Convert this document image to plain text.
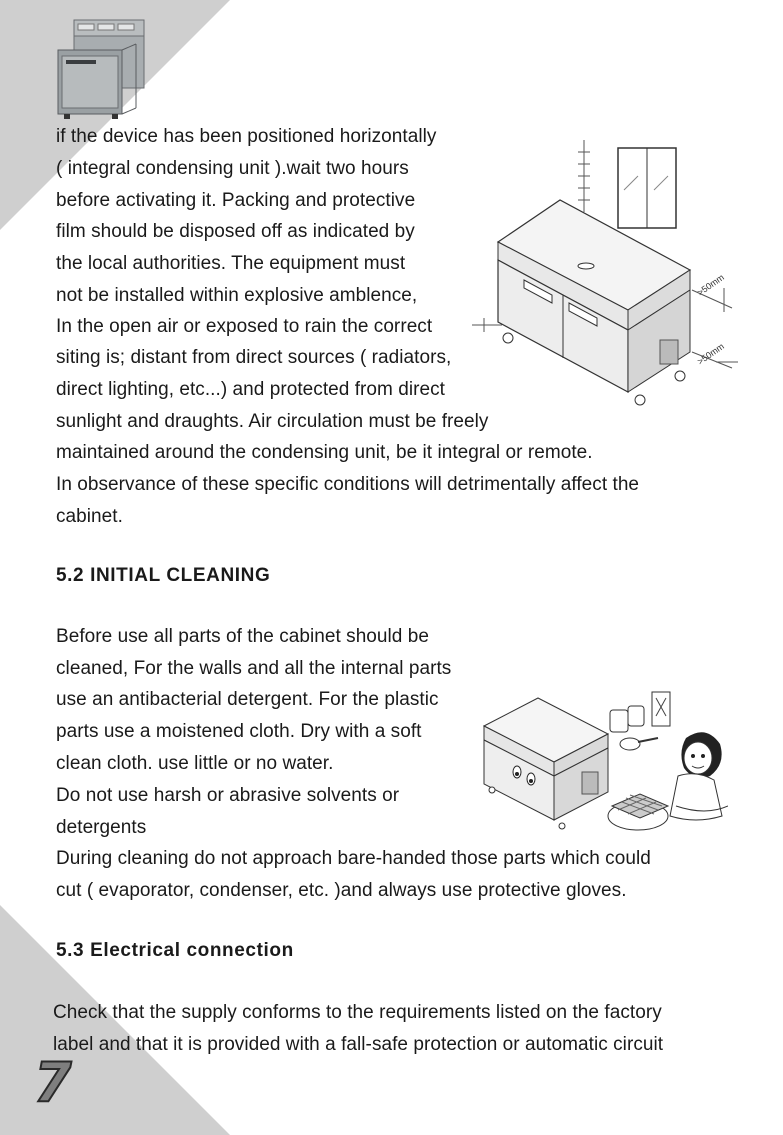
if the device has been positioned horizontally
( integral condensing unit ).wait two hours
before activating it. Packing and protective
film should be disposed off as indicated by
the local authorities. The equipment must
not be installed within explosive amblence,
In the open air or exposed to rain the correct
siting is; distant from direct sources ( radiators,
direct lighting, etc...) and protected from direct
sunlight and draughts. Air circulation must be freely
maintained around the condensing unit, be it integral or remote.
In observance of these specific conditions will detrimentally affect the
cabinet.
>50mm
>50mm
5.2 INITIAL CLEANING
Before use all parts of the cabinet should be
cleaned, For the walls and all the internal parts
use an antibacterial detergent. For the plastic
parts use a moistened cloth. Dry with a soft
clean cloth. use little or no water.
Do not use harsh or abrasive solvents or
detergents
During cleaning do not approach bare-handed those parts which could
cut ( evaporator, condenser, etc. )and always use protective gloves.
5.3 Electrical connection
Check that the supply conforms to the requirements listed on the factory
label and that it is provided with a fall-safe protection or automatic circuit
7
